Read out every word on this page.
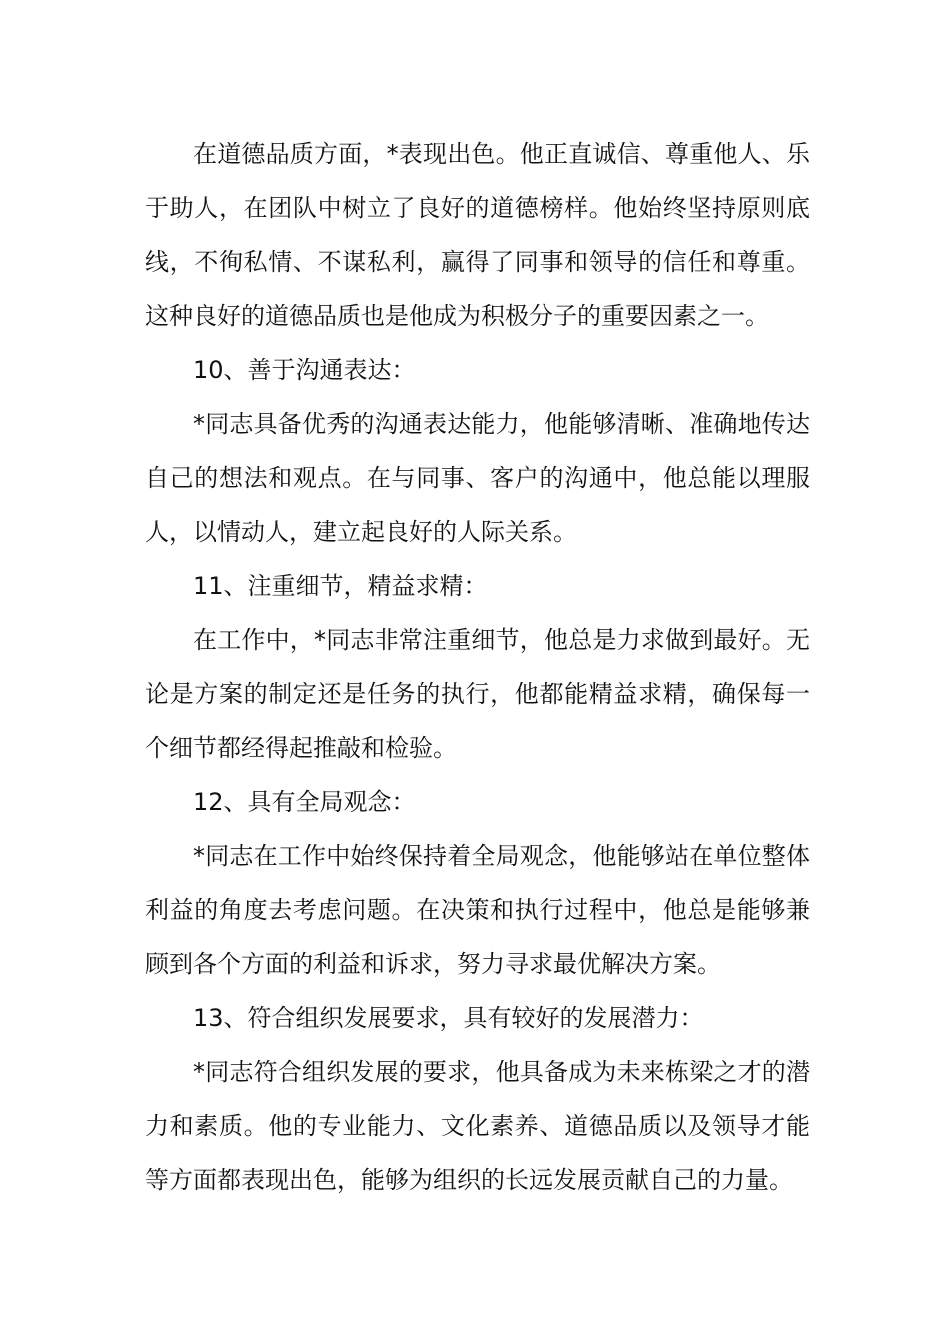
在道德品质方面，*表现出色。他正直诚信、尊重他人、乐于助人，在团队中树立了良好的道德榜样。他始终坚持原则底线，不徇私情、不谋私利，赢得了同事和领导的信任和尊重。这种良好的道德品质也是他成为积极分子的重要因素之一。

10、善于沟通表达：

*同志具备优秀的沟通表达能力，他能够清晰、准确地传达自己的想法和观点。在与同事、客户的沟通中，他总能以理服人，以情动人，建立起良好的人际关系。

11、注重细节，精益求精：

在工作中，*同志非常注重细节，他总是力求做到最好。无论是方案的制定还是任务的执行，他都能精益求精，确保每一个细节都经得起推敲和检验。

12、具有全局观念：

*同志在工作中始终保持着全局观念，他能够站在单位整体利益的角度去考虑问题。在决策和执行过程中，他总是能够兼顾到各个方面的利益和诉求，努力寻求最优解决方案。

13、符合组织发展要求，具有较好的发展潜力：

*同志符合组织发展的要求，他具备成为未来栋梁之才的潜力和素质。他的专业能力、文化素养、道德品质以及领导才能等方面都表现出色，能够为组织的长远发展贡献自己的力量。
